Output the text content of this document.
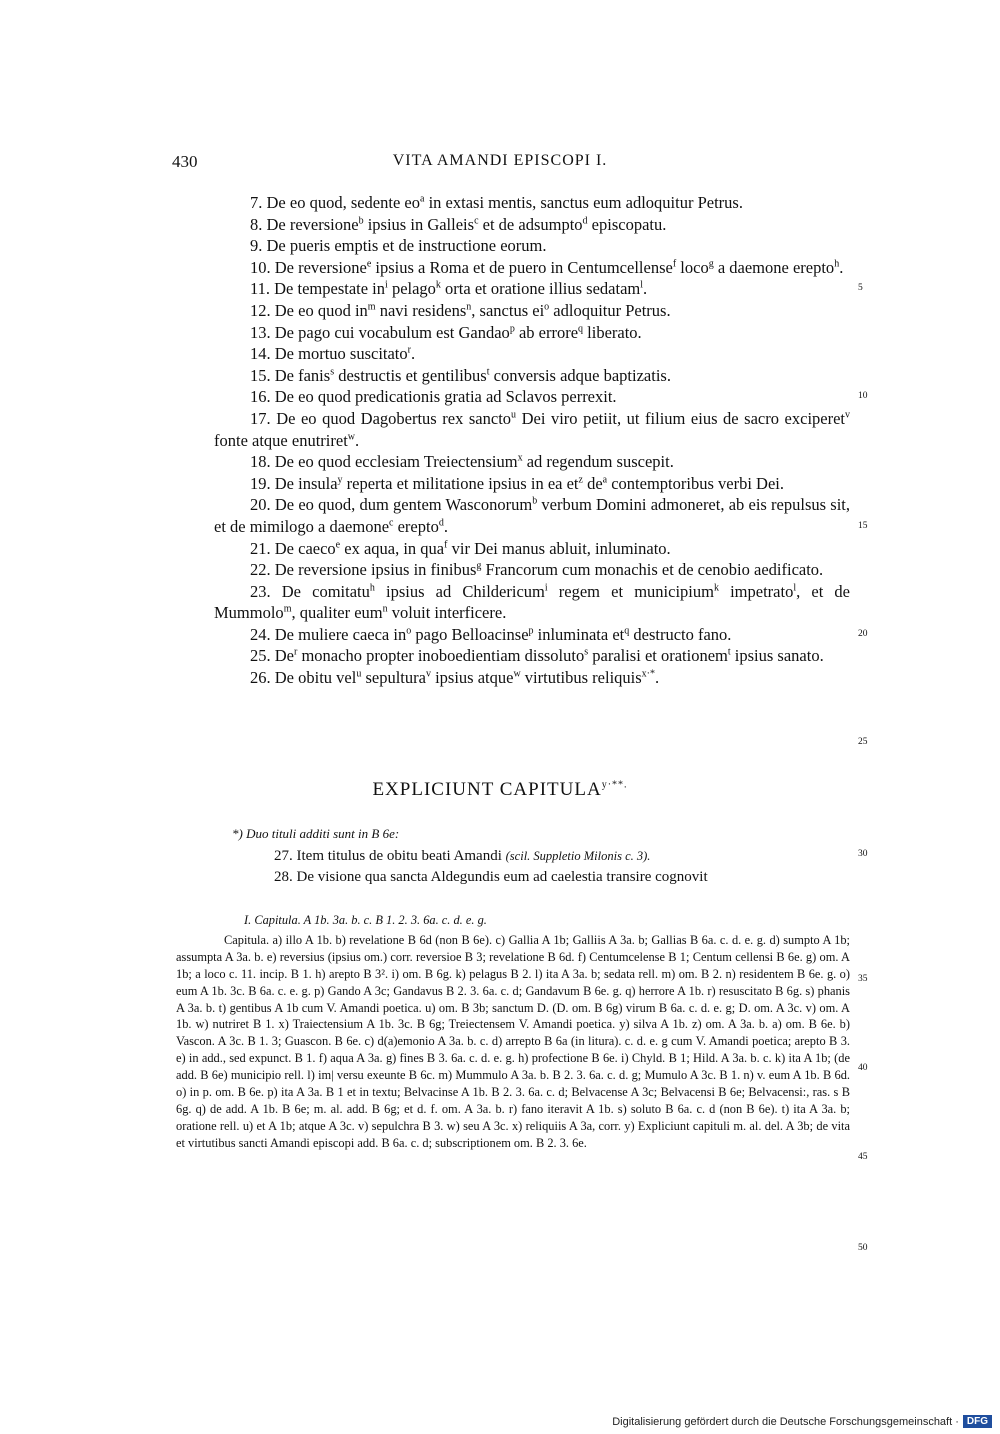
430	VITA AMANDI EPISCOPI I.
7. De eo quod, sedente $eo^a$ in extasi mentis, sanctus eum adloquitur Petrus.
8. De reversione$^b$ ipsius in Galleis$^c$ et de adsumpto$^d$ episcopatu.
9. De pueris emptis et de instructione eorum.
10. De reversione$^e$ ipsius a Roma et de puero in Centumcellense$^f$ loco$^g$ a daemone erepto$^h$.
11. De tempestate $in^i$ pelago$^k$ orta et oratione illius sedatam$^l$.
12. De eo quod $in^m$ navi residens$^n$, sanctus $ei^o$ adloquitur Petrus.
13. De pago cui vocabulum est Gandao$^p$ ab errore$^q$ liberato.
14. De mortuo suscitato$^r$.
15. De fanis$^s$ destructis et gentilibus$^t$ conversis adque baptizatis.
16. De eo quod predicationis gratia ad Sclavos perrexit.
17. De eo quod Dagobertus rex sancto$^u$ Dei viro petiit, ut filium eius de sacro exciperet$^v$ fonte atque enutriret$^w$.
18. De eo quod ecclesiam Treiectensium$^x$ ad regendum suscepit.
19. De insula$^y$ reperta et militatione ipsius in ea $et^z$ $de^a$ contemptoribus verbi Dei.
20. De eo quod, dum gentem Wasconorum$^b$ verbum Domini admoneret, ab eis repulsus sit, et de mimilogo a daemone$^c$ erepto$^d$.
21. De caeco$^e$ ex aqua, in qua$^f$ vir Dei manus abluit, inluminato.
22. De reversione ipsius in finibus$^g$ Francorum cum monachis et de cenobio aedificato.
23. De comitatu$^h$ ipsius ad Childericum$^i$ regem et municipium$^k$ impetrato$^l$, et de Mummolo$^m$, qualiter eum$^n$ voluit interficere.
24. De muliere caeca $in^o$ pago Belloacinse$^p$ inluminata $et^q$ destructo fano.
25. De$^r$ monacho propter inoboedientiam dissoluto$^s$ paralisi et orationem$^t$ ipsius sanato.
26. De obitu vel$^u$ sepultura$^v$ ipsius atque$^w$ virtutibus reliquis$^{x\cdot*}$.
5
10
15
20
25
EXPLICIUNT $CAPITULA^{y\cdot**.}$
*) Duo tituli additi sunt in B 6e:
27. Item titulus de obitu beati Amandi (scil. Suppletio Milonis c. 3).
28. De visione qua sancta Aldegundis eum ad caelestia transire cognovit
30
I. Capitula. A 1b. 3a. b. c. B 1. 2. 3. 6a. c. d. e. g.
Capitula. a) illo A 1b. b) revelatione B 6d (non B 6e). c) Gallia A 1b; Galliis A 3a. b; Gallias B 6a. c. d. e. g. d) sumpto A 1b; assumpta A 3a. b. e) reversius (ipsius om.) corr. reversioe B 3; revelatione B 6d. f) Centumcelense B 1; Centum cellensi B 6e. g) om. A 1b; a loco c. 11. incip. B 1. h) arepto B 3². i) om. B 6g. k) pelagus B 2. l) ita A 3a. b; sedata rell. m) om. B 2. n) residentem B 6e. g. o) eum A 1b. 3c. B 6a. c. e. g. p) Gando A 3c; Gandavus B 2. 3. 6a. c. d; Gandavum B 6e. g. q) herrore A 1b. r) resuscitato B 6g. s) phanis A 3a. b. t) gentibus A 1b cum V. Amandi poetica. u) om. B 3b; sanctum D. (D. om. B 6g) virum B 6a. c. d. e. g; D. om. A 3c. v) om. A 1b. w) nutriret B 1. x) Traiectensium A 1b. 3c. B 6g; Treiectensem V. Amandi poetica. y) silva A 1b. z) om. A 3a. b. a) om. B 6e. b) Vascon. A 3c. B 1. 3; Guascon. B 6e. c) d(a)emonio A 3a. b. c. d) arrepto B 6a (in litura). c. d. e. g cum V. Amandi poetica; arepto B 3. e) in add., sed expunct. B 1. f) aqua A 3a. g) fines B 3. 6a. c. d. e. g. h) profectione B 6e. i) Chyld. B 1; Hild. A 3a. b. c. k) ita A 1b; (de add. B 6e) municipio rell. l) im| versu exeunte B 6c. m) Mummulo A 3a. b. B 2. 3. 6a. c. d. g; Mumulo A 3c. B 1. n) v. eum A 1b. B 6d. o) in p. om. B 6e. p) ita A 3a. B 1 et in textu; Belvacinse A 1b. B 2. 3. 6a. c. d; Belvacense A 3c; Belvacensi B 6e; Belvacensi:, ras. s B 6g. q) de add. A 1b. B 6e; m. al. add. B 6g; et d. f. om. A 3a. b. r) fano iteravit A 1b. s) soluto B 6a. c. d (non B 6e). t) ita A 3a. b; oratione rell. u) et A 1b; atque A 3c. v) sepulchra B 3. w) seu A 3c. x) reliquiis A 3a, corr. y) Expliciunt capituli m. al. del. A 3b; de vita et virtutibus sancti Amandi episcopi add. B 6a. c. d; subscriptionem om. B 2. 3. 6e.
35
40
45
50
Digitalisierung gefördert durch die Deutsche Forschungsgemeinschaft · DFG
